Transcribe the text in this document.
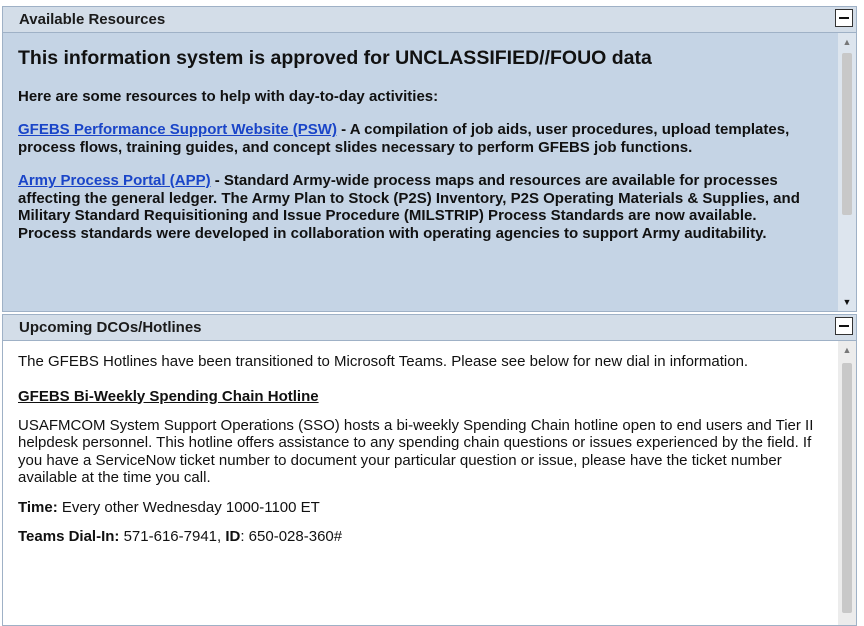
Available Resources
This information system is approved for UNCLASSIFIED//FOUO data
Here are some resources to help with day-to-day activities:
GFEBS Performance Support Website (PSW) - A compilation of job aids, user procedures, upload templates, process flows, training guides, and concept slides necessary to perform GFEBS job functions.
Army Process Portal (APP) - Standard Army-wide process maps and resources are available for processes affecting the general ledger. The Army Plan to Stock (P2S) Inventory, P2S Operating Materials & Supplies, and Military Standard Requisitioning and Issue Procedure (MILSTRIP) Process Standards are now available. Process standards were developed in collaboration with operating agencies to support Army auditability.
▲
▼
Upcoming DCOs/Hotlines
The GFEBS Hotlines have been transitioned to Microsoft Teams. Please see below for new dial in information.
GFEBS Bi-Weekly Spending Chain Hotline
USAFMCOM System Support Operations (SSO) hosts a bi-weekly Spending Chain hotline open to end users and Tier II helpdesk personnel. This hotline offers assistance to any spending chain questions or issues experienced by the field. If you have a ServiceNow ticket number to document your particular question or issue, please have the ticket number available at the time you call.
Time: Every other Wednesday 1000-1100 ET
Teams Dial-In: 571-616-7941, ID: 650-028-360#
▲
